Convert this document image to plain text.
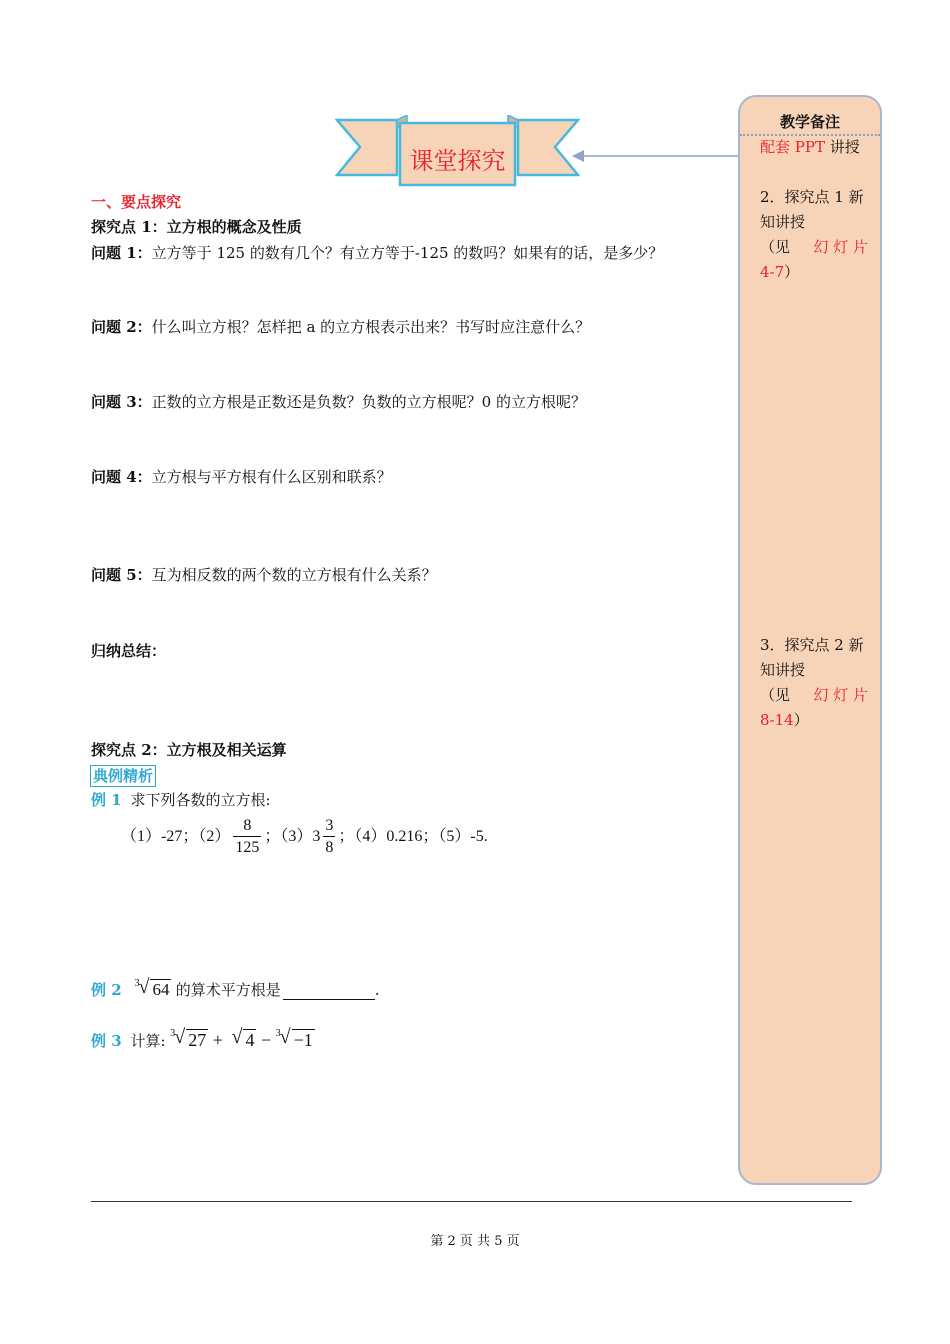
课堂探究
一、要点探究
探究点 1：立方根的概念及性质
问题 1：立方等于 125 的数有几个？有立方等于-125 的数吗？如果有的话，是多少？
问题 2：什么叫立方根？怎样把 a 的立方根表示出来？书写时应注意什么？
问题 3：正数的立方根是正数还是负数？负数的立方根呢？0 的立方根呢？
问题 4：立方根与平方根有什么区别和联系？
问题 5：互为相反数的两个数的立方根有什么关系？
归纳总结：
探究点 2：立方根及相关运算
典例精析
例 1 求下列各数的立方根:
（1）-27；$(2) \frac{8}{125}$ ；$(3)3 \frac{3}{8}$ ；（4）0.216；（5）-5.
例 2 3 √ 64 的算术平方根是	.
例 3 计算: 3 √ 27 + √ 4 − 3 √ −1
教学备注
配套 PPT 讲授
2．探究点 1 新
知讲授
（见 幻 灯 片
4-7）
3．探究点 2 新
知讲授
（见 幻 灯 片
8-14）
第 2 页 共 5 页
